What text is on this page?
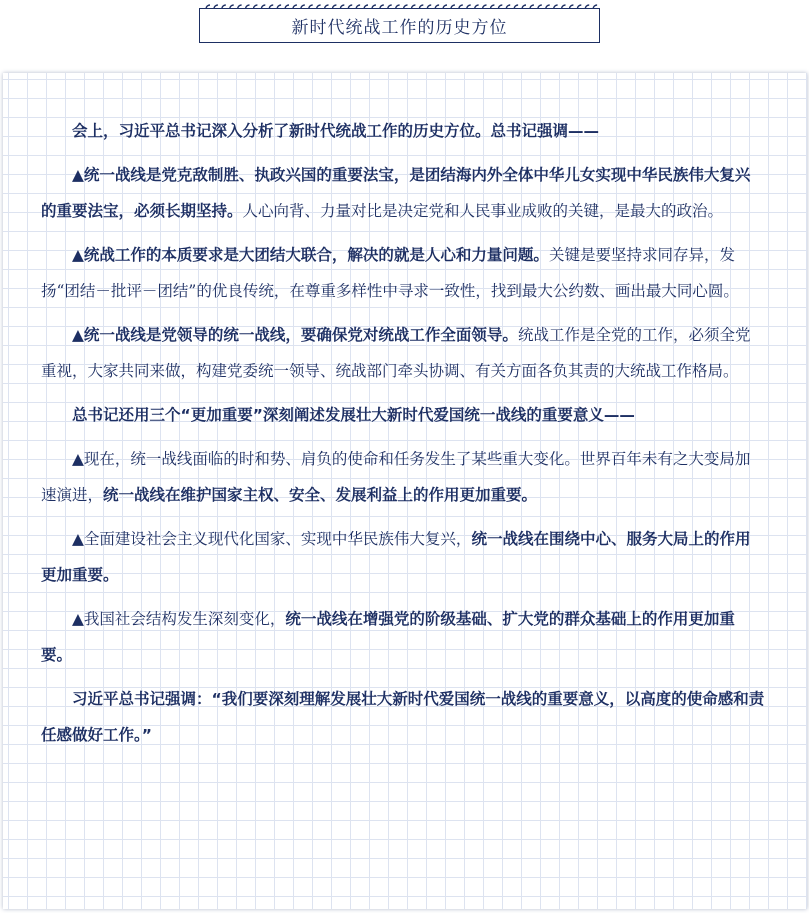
新时代统战工作的历史方位

会上，习近平总书记深入分析了新时代统战工作的历史方位。总书记强调——

▲统一战线是党克敌制胜、执政兴国的重要法宝，是团结海内外全体中华儿女实现中华民族伟大复兴的重要法宝，必须长期坚持。人心向背、力量对比是决定党和人民事业成败的关键，是最大的政治。

▲统战工作的本质要求是大团结大联合，解决的就是人心和力量问题。关键是要坚持求同存异，发扬“团结－批评－团结”的优良传统，在尊重多样性中寻求一致性，找到最大公约数、画出最大同心圆。

▲统一战线是党领导的统一战线，要确保党对统战工作全面领导。统战工作是全党的工作，必须全党重视，大家共同来做，构建党委统一领导、统战部门牵头协调、有关方面各负其责的大统战工作格局。

总书记还用三个“更加重要”深刻阐述发展壮大新时代爱国统一战线的重要意义——

▲现在，统一战线面临的时和势、肩负的使命和任务发生了某些重大变化。世界百年未有之大变局加速演进，统一战线在维护国家主权、安全、发展利益上的作用更加重要。

▲全面建设社会主义现代化国家、实现中华民族伟大复兴，统一战线在围绕中心、服务大局上的作用更加重要。

▲我国社会结构发生深刻变化，统一战线在增强党的阶级基础、扩大党的群众基础上的作用更加重要。

习近平总书记强调：“我们要深刻理解发展壮大新时代爱国统一战线的重要意义，以高度的使命感和责任感做好工作。”
